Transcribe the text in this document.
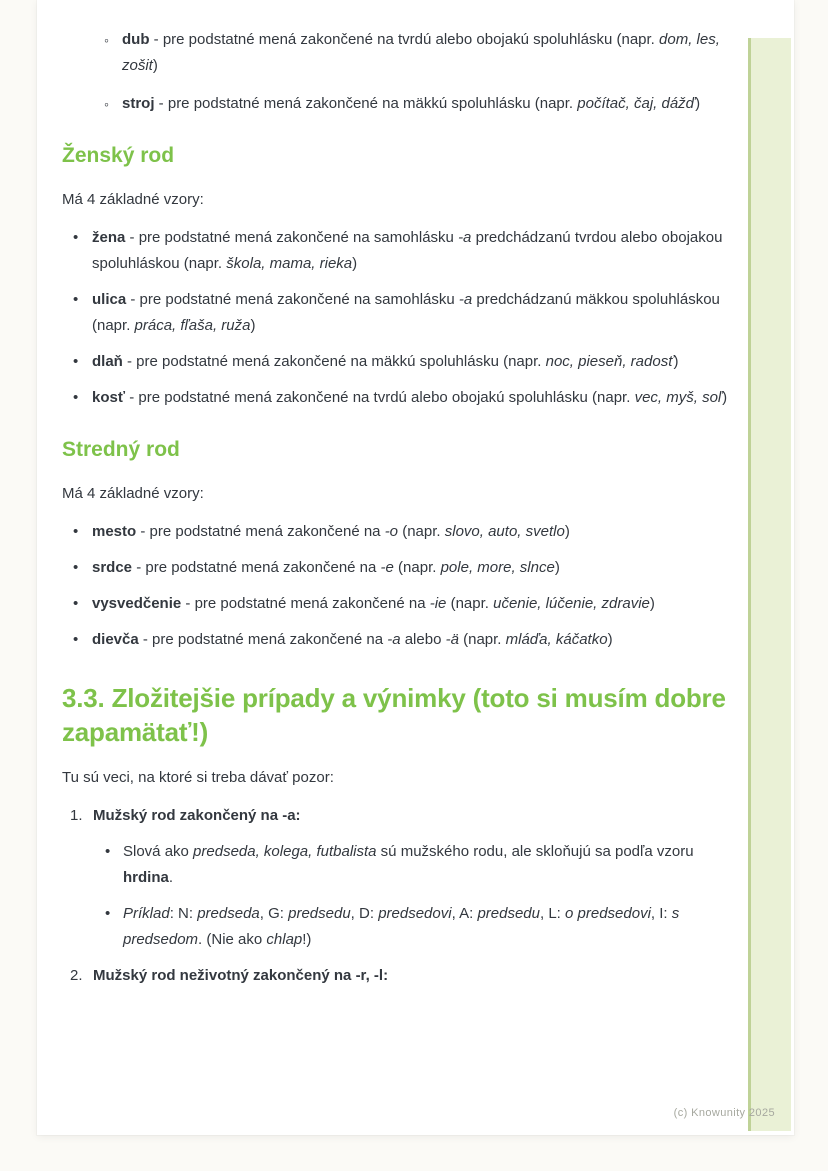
◦ dub - pre podstatné mená zakončené na tvrdú alebo obojakú spoluhlásku (napr. dom, les, zošit)
◦ stroj - pre podstatné mená zakončené na mäkkú spoluhlásku (napr. počítač, čaj, dážď)
Ženský rod

Má 4 základné vzory:

• žena - pre podstatné mená zakončené na samohlásku -a predchádzanú tvrdou alebo obojakou spoluhláskou (napr. škola, mama, rieka)
• ulica - pre podstatné mená zakončené na samohlásku -a predchádzanú mäkkou spoluhláskou (napr. práca, fľaša, ruža)
• dlaň - pre podstatné mená zakončené na mäkkú spoluhlásku (napr. noc, pieseň, radosť)
• kosť - pre podstatné mená zakončené na tvrdú alebo obojakú spoluhlásku (napr. vec, myš, soľ)
Stredný rod

Má 4 základné vzory:

• mesto - pre podstatné mená zakončené na -o (napr. slovo, auto, svetlo)
• srdce - pre podstatné mená zakončené na -e (napr. pole, more, slnce)
• vysvedčenie - pre podstatné mená zakončené na -ie (napr. učenie, lúčenie, zdravie)
• dievča - pre podstatné mená zakončené na -a alebo -ä (napr. mláďa, káčatko)
3.3. Zložitejšie prípady a výnimky (toto si musím dobre zapamätať!)

Tu sú veci, na ktoré si treba dávať pozor:

1. Mužský rod zakončený na -a:
• Slová ako predseda, kolega, futbalista sú mužského rodu, ale skloňujú sa podľa vzoru hrdina.
• Príklad: N: predseda, G: predsedu, D: predsedovi, A: predsedu, L: o predsedovi, I: s predsedom. (Nie ako chlap!)
2. Mužský rod neživotný zakončený na -r, -l:
(c) Knowunity 2025
